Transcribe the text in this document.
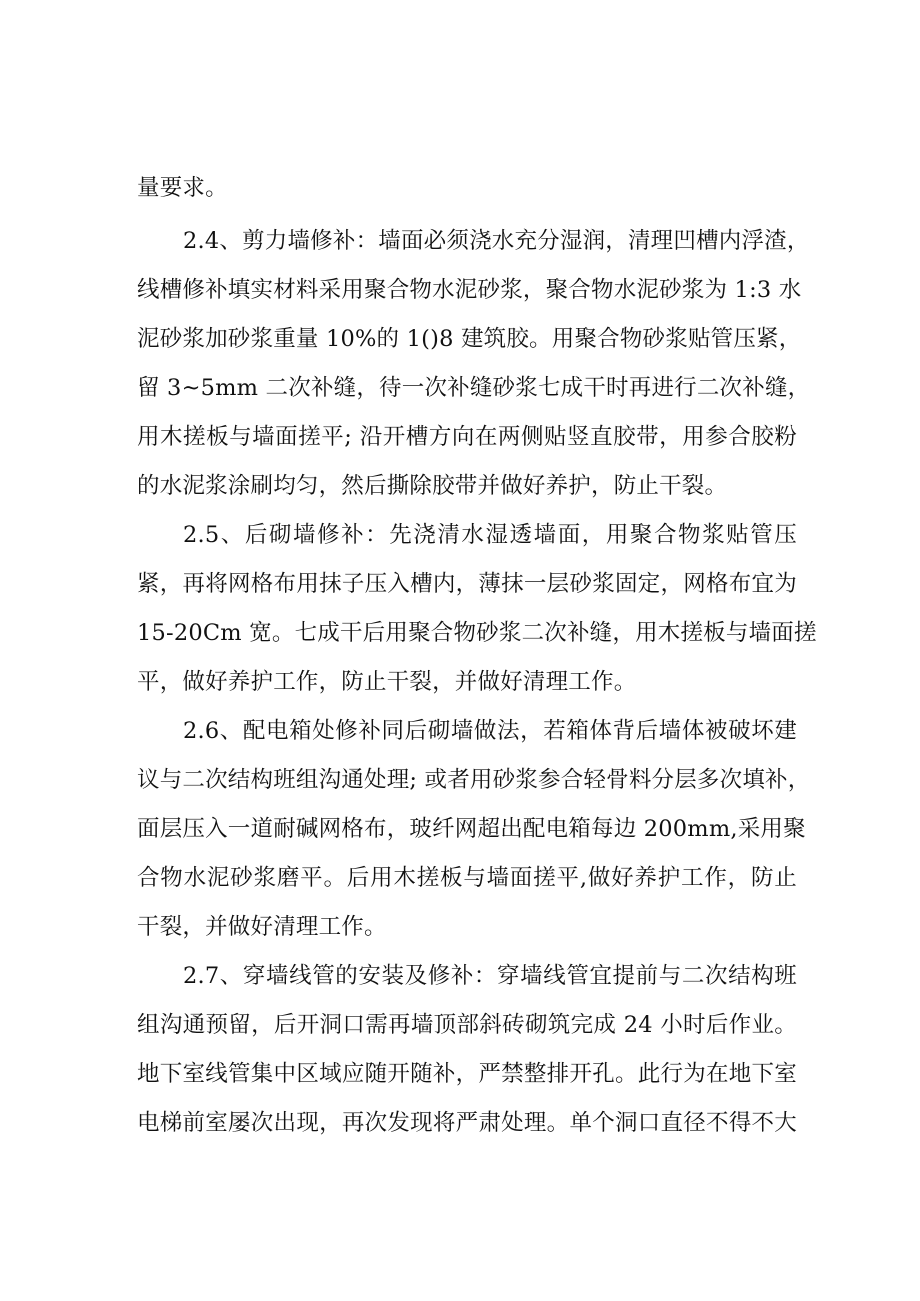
量要求。
2.4、剪力墙修补：墙面必须浇水充分湿润，清理凹槽内浮渣，
线槽修补填实材料采用聚合物水泥砂浆，聚合物水泥砂浆为 1:3 水
泥砂浆加砂浆重量 10%的 1()8 建筑胶。用聚合物砂浆贴管压紧，
留 3~5mm 二次补缝，待一次补缝砂浆七成干时再进行二次补缝，
用木搓板与墙面搓平; 沿开槽方向在两侧贴竖直胶带，用参合胶粉
的水泥浆涂刷均匀，然后撕除胶带并做好养护，防止干裂。
2.5、后砌墙修补：先浇清水湿透墙面，用聚合物浆贴管压
紧，再将网格布用抹子压入槽内，薄抹一层砂浆固定，网格布宜为
15-20Cm 宽。七成干后用聚合物砂浆二次补缝，用木搓板与墙面搓
平，做好养护工作，防止干裂，并做好清理工作。
2.6、配电箱处修补同后砌墙做法，若箱体背后墙体被破坏建
议与二次结构班组沟通处理; 或者用砂浆参合轻骨料分层多次填补，
面层压入一道耐碱网格布，玻纤网超出配电箱每边 200mm,采用聚
合物水泥砂浆磨平。后用木搓板与墙面搓平,做好养护工作，防止
干裂，并做好清理工作。
2.7、穿墙线管的安装及修补：穿墙线管宜提前与二次结构班
组沟通预留，后开洞口需再墙顶部斜砖砌筑完成 24 小时后作业。
地下室线管集中区域应随开随补，严禁整排开孔。此行为在地下室
电梯前室屡次出现，再次发现将严肃处理。单个洞口直径不得不大
